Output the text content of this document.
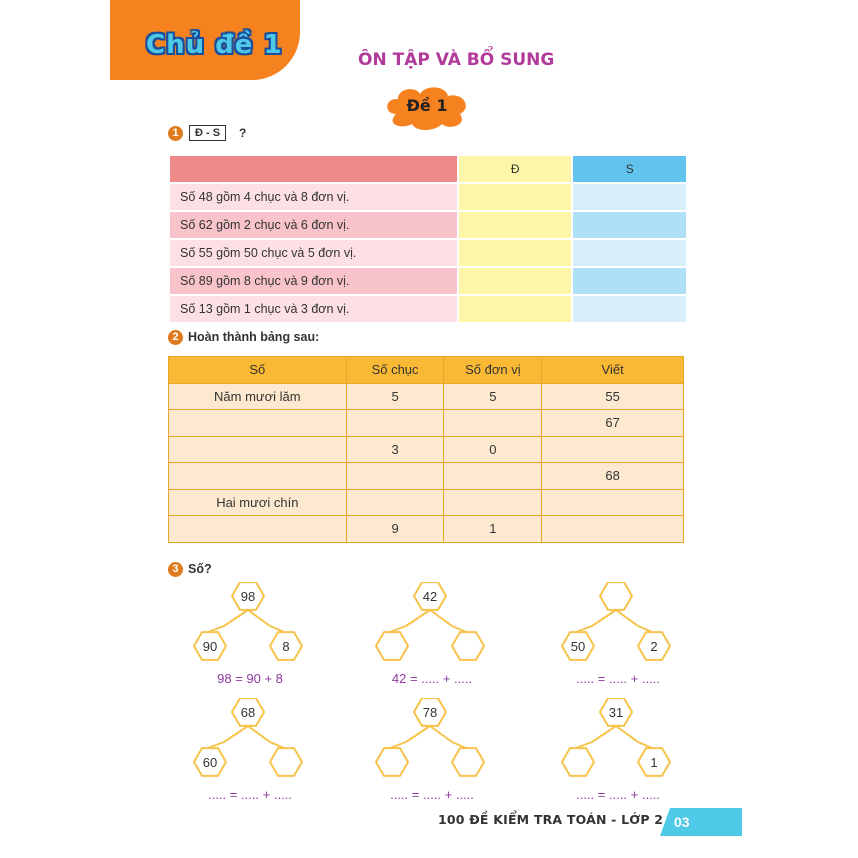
Chủ đề 1	ÔN TẬP VÀ BỔ SUNG
Đề 1
1	Đ - S	?
	Đ	S
Số 48 gồm 4 chục và 8 đơn vị.		
Số 62 gồm 2 chục và 6 đơn vị.		
Số 55 gồm 50 chục và 5 đơn vị.		
Số 89 gồm 8 chục và 9 đơn vị.		
Số 13 gồm 1 chục và 3 đơn vị.		
2 Hoàn thành bảng sau:
Số	Số chục	Số đơn vị	Viết
Năm mươi lăm	5	5	55
			67
	3	0	
			68
Hai mươi chín			
	9	1	
3 Số?
98
90	8
98 = 90 + 8
42
42 = ..... + .....
50	2
..... = ..... + .....
68
60
..... = ..... + .....
78
..... = ..... + .....
31
1
..... = ..... + .....
100 ĐỀ KIỂM TRA TOÁN - LỚP 2 03
